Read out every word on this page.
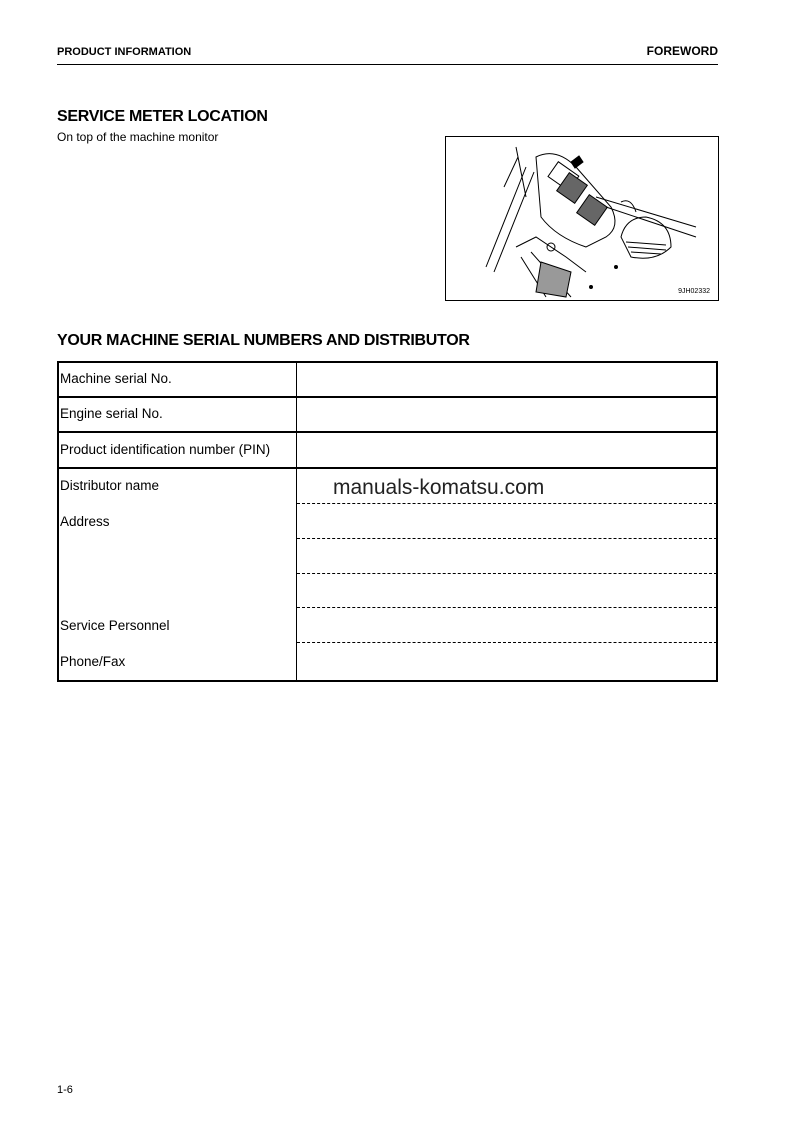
PRODUCT INFORMATION	FOREWORD
SERVICE METER LOCATION
On top of the machine monitor
9JH02332
YOUR MACHINE SERIAL NUMBERS AND DISTRIBUTOR
Machine serial No.
Engine serial No.
Product identification number (PIN)
Distributor name	manuals-komatsu.com
Address
Service Personnel
Phone/Fax
1-6
